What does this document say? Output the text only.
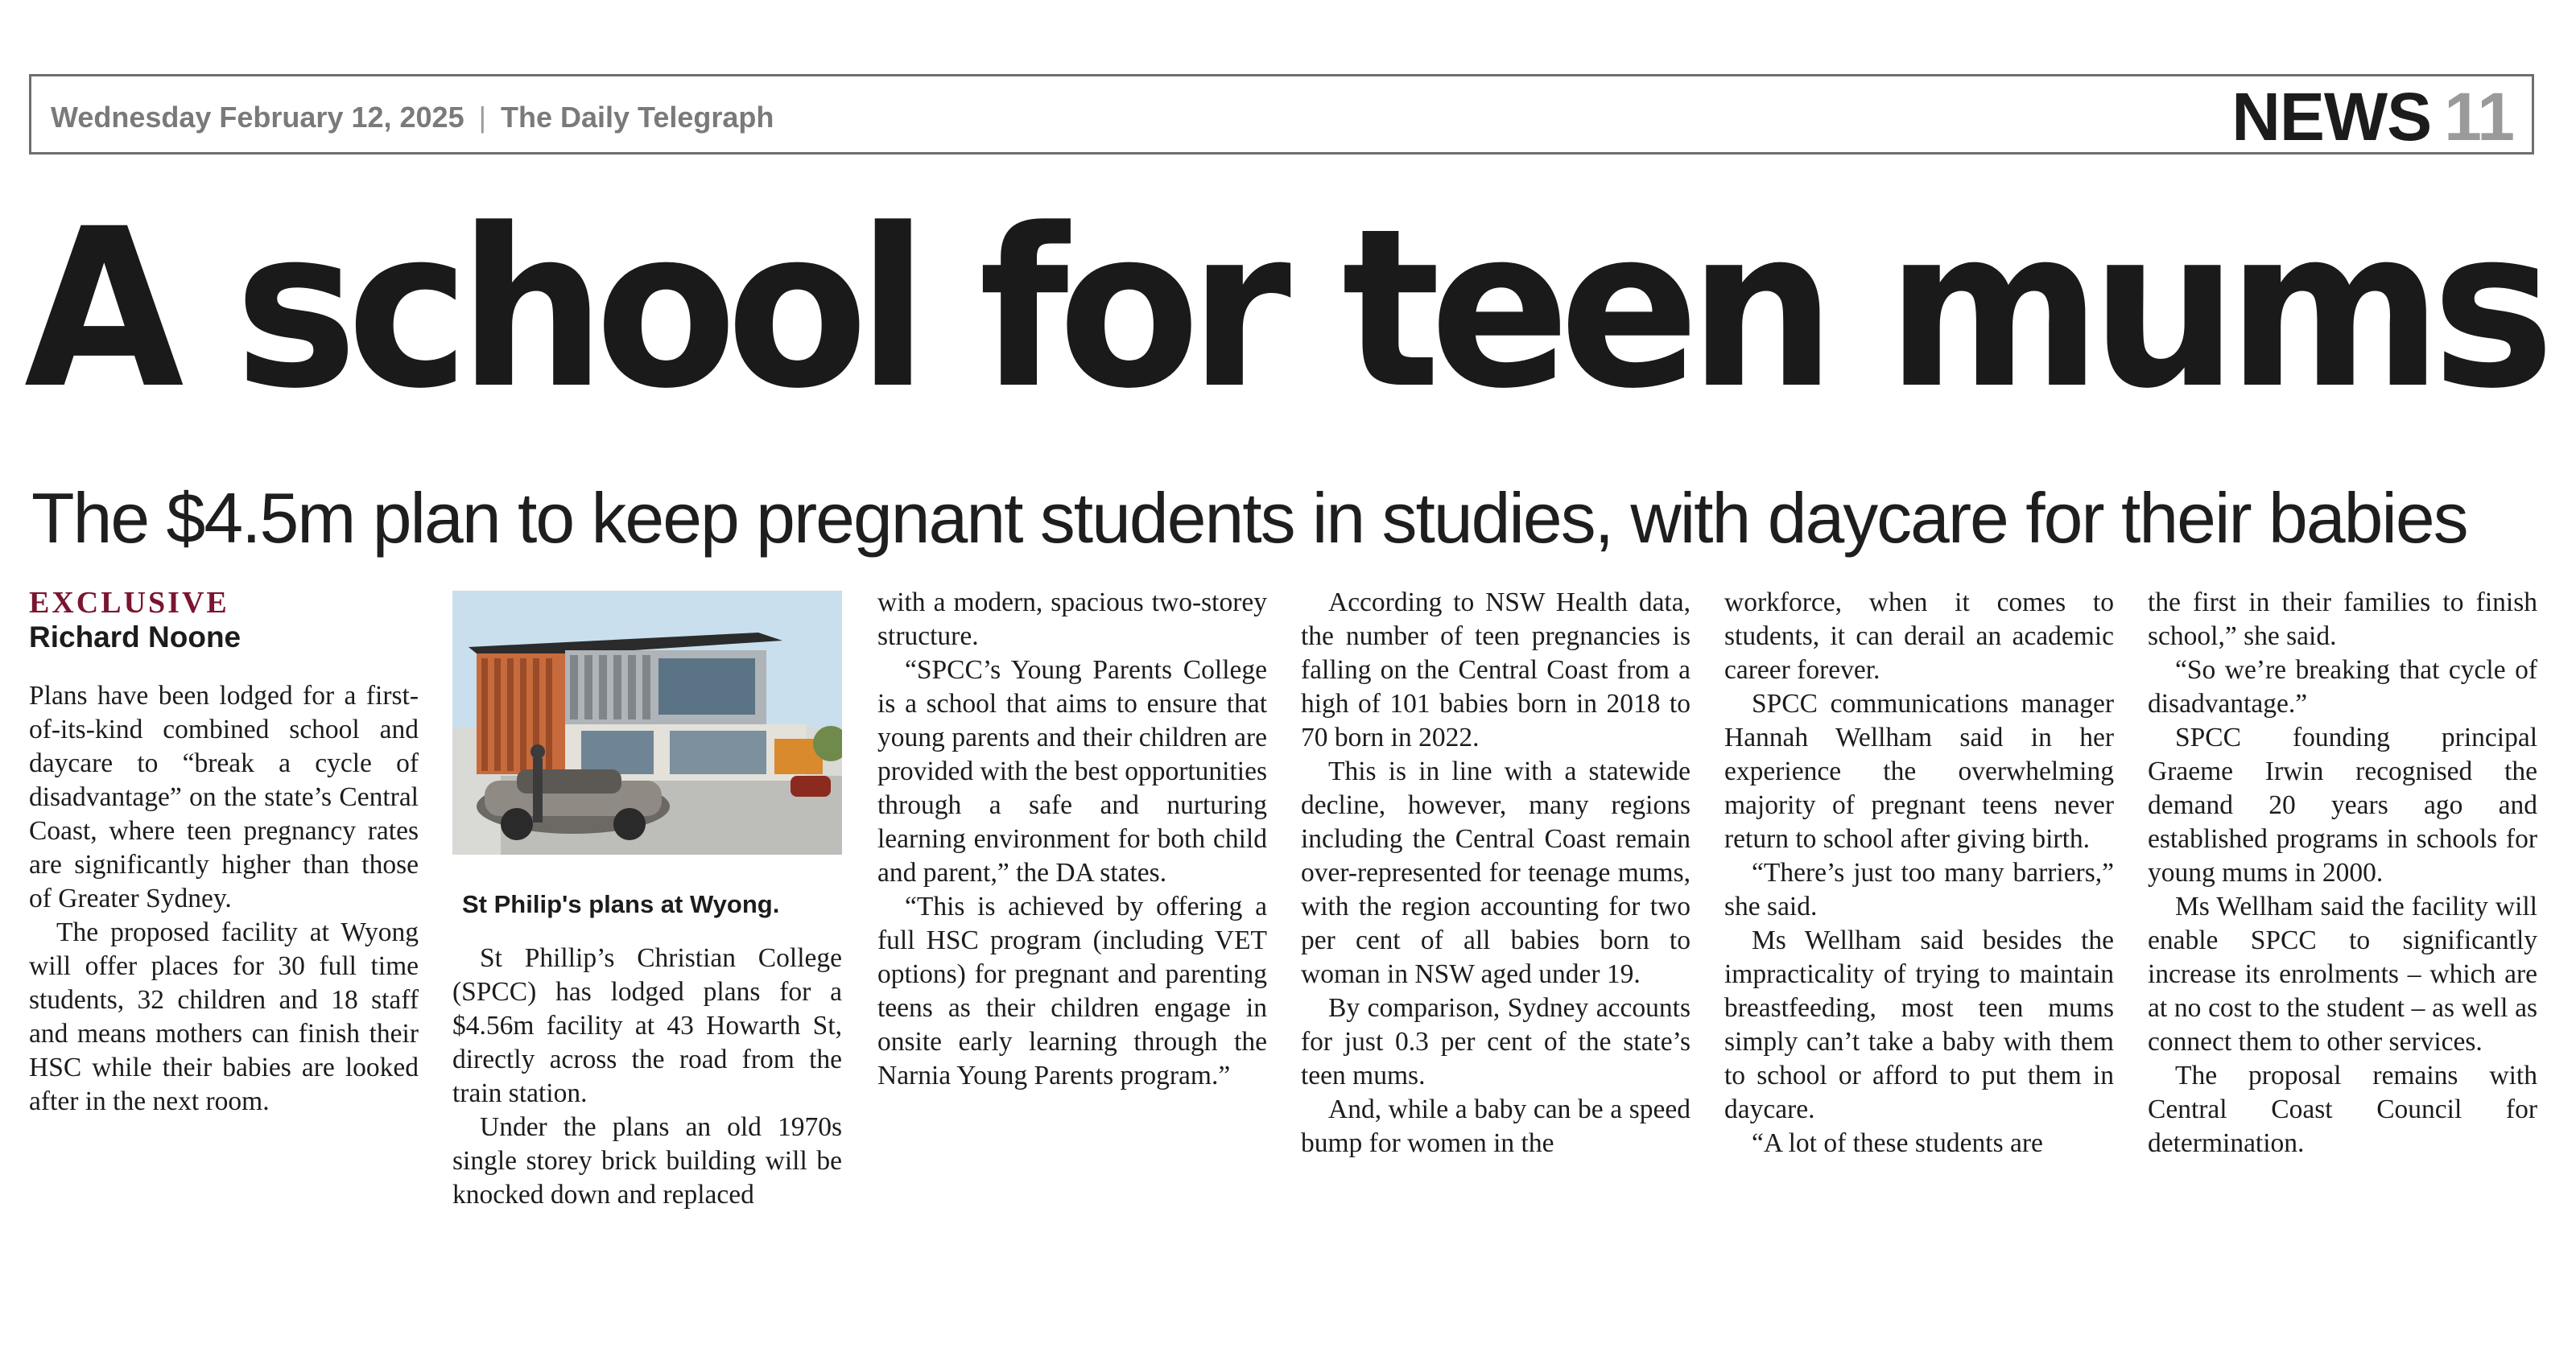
Wednesday February 12, 2025 | The Daily Telegraph	NEWS 11
A school for teen mums
The $4.5m plan to keep pregnant students in studies, with daycare for their babies
EXCLUSIVE
Richard Noone

Plans have been lodged for a first-of-its-kind combined school and daycare to “break a cycle of disadvantage” on the state’s Central Coast, where teen pregnancy rates are significantly higher than those of Greater Sydney.

The proposed facility at Wyong will offer places for 30 full time students, 32 children and 18 staff and means mothers can finish their HSC while their babies are looked after in the next room.

St Philip's plans at Wyong.

St Phillip’s Christian College (SPCC) has lodged plans for a $4.56m facility at 43 Howarth St, directly across the road from the train station.

Under the plans an old 1970s single storey brick building will be knocked down and replaced

with a modern, spacious two-storey structure.

“SPCC’s Young Parents College is a school that aims to ensure that young parents and their children are provided with the best opportunities through a safe and nurturing learning environment for both child and parent,” the DA states.

“This is achieved by offering a full HSC program (including VET options) for pregnant and parenting teens as their children engage in onsite early learning through the Narnia Young Parents program.”

According to NSW Health data, the number of teen pregnancies is falling on the Central Coast from a high of 101 babies born in 2018 to 70 born in 2022.

This is in line with a statewide decline, however, many regions including the Central Coast remain over-represented for teenage mums, with the region accounting for two per cent of all babies born to woman in NSW aged under 19.

By comparison, Sydney accounts for just 0.3 per cent of the state’s teen mums.

And, while a baby can be a speed bump for women in the

workforce, when it comes to students, it can derail an academic career forever.

SPCC communications manager Hannah Wellham said in her experience the overwhelming majority of pregnant teens never return to school after giving birth.

“There’s just too many barriers,” she said.

Ms Wellham said besides the impracticality of trying to maintain breastfeeding, most teen mums simply can’t take a baby with them to school or afford to put them in daycare.

“A lot of these students are

the first in their families to finish school,” she said.

“So we’re breaking that cycle of disadvantage.”

SPCC founding principal Graeme Irwin recognised the demand 20 years ago and established programs in schools for young mums in 2000.

Ms Wellham said the facility will enable SPCC to significantly increase its enrolments – which are at no cost to the student – as well as connect them to other services.

The proposal remains with Central Coast Council for determination.
